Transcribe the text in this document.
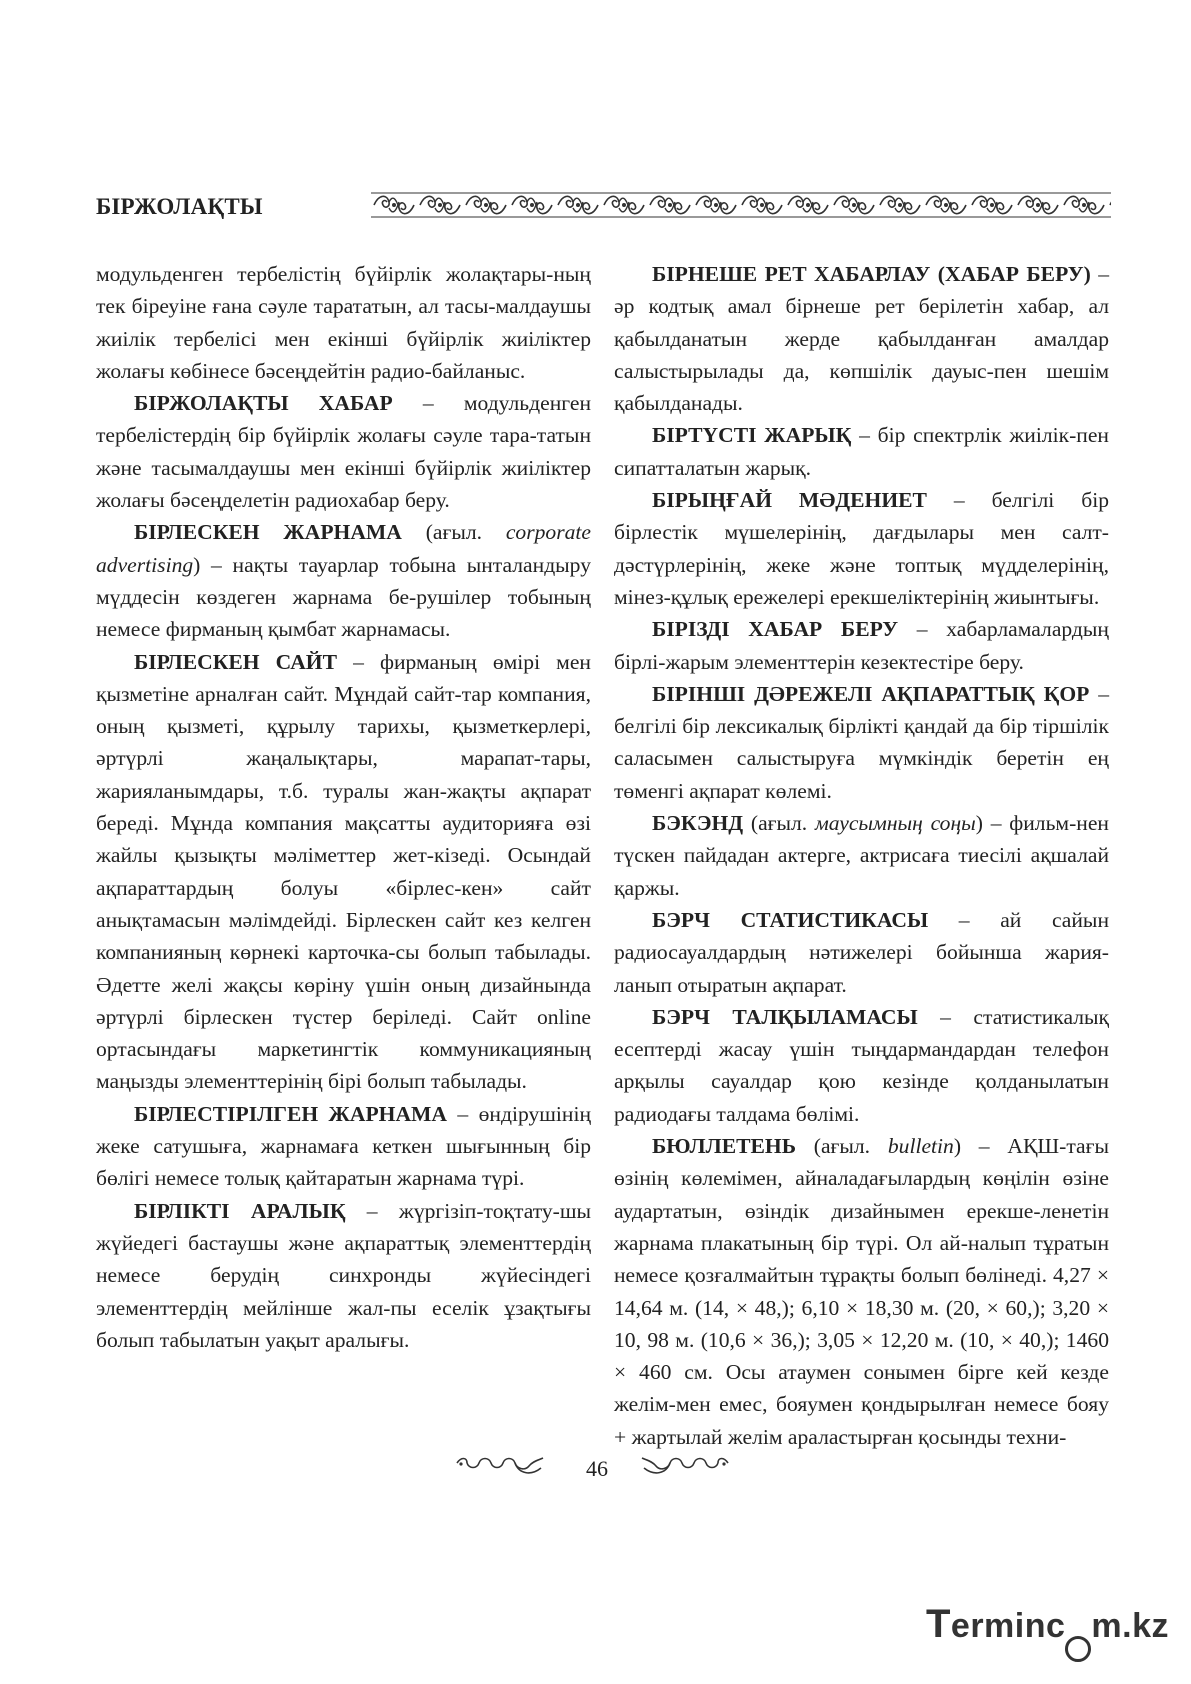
БІРЖОЛАҚТЫ

модульденген тербелістің бүйірлік жолақтары-ның тек біреуіне ғана сәуле тарататын, ал тасы-малдаушы жиілік тербелісі мен екінші бүйірлік жиіліктер жолағы көбінесе бәсеңдейтін радио-байланыс.

БІРЖОЛАҚТЫ ХАБАР – модульденген тербелістердің бір бүйірлік жолағы сәуле тара-татын және тасымалдаушы мен екінші бүйірлік жиіліктер жолағы бәсеңделетін радиохабар беру.

БІРЛЕСКЕН ЖАРНАМА (ағыл. corporate advertising) – нақты тауарлар тобына ынталандыру мүддесін көздеген жарнама бе-рушілер тобының немесе фирманың қымбат жарнамасы.

БІРЛЕСКЕН САЙТ – фирманың өмірі мен қызметіне арналған сайт. Мұндай сайт-тар компания, оның қызметі, құрылу тарихы, қызметкерлері, әртүрлі жаңалықтары, марапат-тары, жарияланымдары, т.б. туралы жан-жақты ақпарат береді. Мұнда компания мақсатты аудиторияға өзі жайлы қызықты мәліметтер жет-кізеді. Осындай ақпараттардың болуы «бірлес-кен» сайт анықтамасын мәлімдейді. Бірлескен сайт кез келген компанияның көрнекі карточка-сы болып табылады. Әдетте желі жақсы көріну үшін оның дизайнында әртүрлі бірлескен түстер беріледі. Сайт online ортасындағы маркетингтік коммуникацияның маңызды элементтерінің бірі болып табылады.

БІРЛЕСТІРІЛГЕН ЖАРНАМА – өндірушінің жеке сатушыға, жарнамаға кеткен шығынның бір бөлігі немесе толық қайтаратын жарнама түрі.

БІРЛІКТІ АРАЛЫҚ – жүргізіп-тоқтату-шы жүйедегі бастаушы және ақпараттық элементтердің немесе берудің синхронды жүйесіндегі элементтердің мейлінше жал-пы еселік ұзақтығы болып табылатын уақыт аралығы.

БІРНЕШЕ РЕТ ХАБАРЛАУ (ХАБАР БЕРУ) – әр кодтық амал бірнеше рет берілетін хабар, ал қабылданатын жерде қабылданған амалдар салыстырылады да, көпшілік дауыс-пен шешім қабылданады.

БІРТҮСТІ ЖАРЫҚ – бір спектрлік жиілік-пен сипатталатын жарық.

БІРЫҢҒАЙ МӘДЕНИЕТ – белгілі бір бірлестік мүшелерінің, дағдылары мен салт-дәстүрлерінің, жеке және топтық мүдделерінің, мінез-құлық ережелері ерекшеліктерінің жиынтығы.

БІРІЗДІ ХАБАР БЕРУ – хабарламалардың бірлі-жарым элементтерін кезектестіре беру.

БІРІНШІ ДӘРЕЖЕЛІ АҚПАРАТТЫҚ ҚОР – белгілі бір лексикалық бірлікті қандай да бір тіршілік саласымен салыстыруға мүмкіндік беретін ең төменгі ақпарат көлемі.

БЭКЭНД (ағыл. маусымның соңы) – фильм-нен түскен пайдадан актерге, актрисаға тиесілі ақшалай қаржы.

БЭРЧ СТАТИСТИКАСЫ – ай сайын радиосауалдардың нәтижелері бойынша жария-ланып отыратын ақпарат.

БЭРЧ ТАЛҚЫЛАМАСЫ – статистикалық есептерді жасау үшін тыңдармандардан телефон арқылы сауалдар қою кезінде қолданылатын радиодағы талдама бөлімі.

БЮЛЛЕТЕНЬ (ағыл. bulletin) – АҚШ-тағы өзінің көлемімен, айналадағылардың көңілін өзіне аудартатын, өзіндік дизайнымен ерекше-ленетін жарнама плакатының бір түрі. Ол ай-налып тұратын немесе қозғалмайтын тұрақты болып бөлінеді. 4,27 × 14,64 м. (14, × 48,); 6,10 × 18,30 м. (20, × 60,); 3,20 × 10, 98 м. (10,6 × 36,); 3,05 × 12,20 м. (10, × 40,); 1460 × 460 см. Осы атаумен сонымен бірге кей кезде желім-мен емес, бояумен қондырылған немесе бояу + жартылай желім араластырған қосынды техни-

46
Terminc m.kz
